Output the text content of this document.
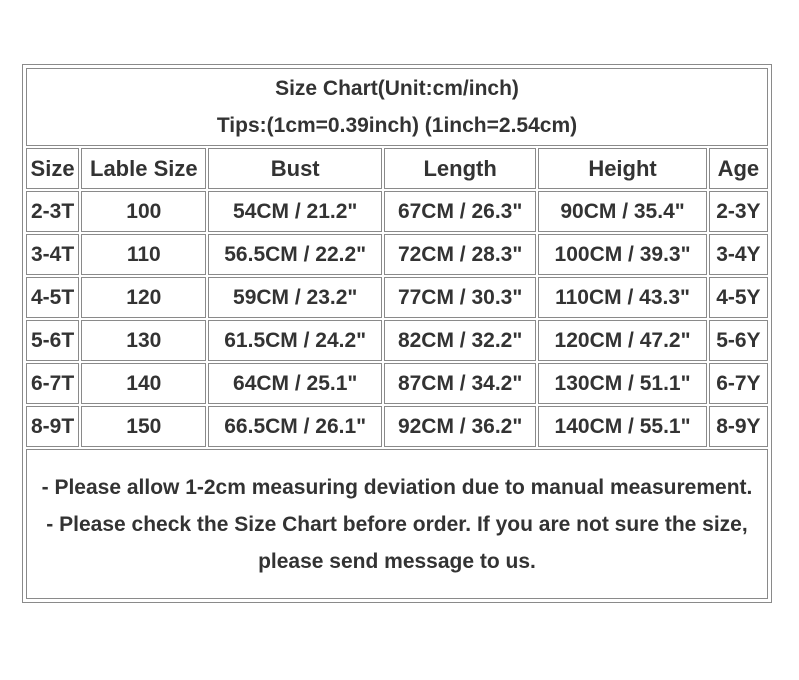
Size Chart(Unit:cm/inch)
Tips:(1cm=0.39inch) (1inch=2.54cm)					

Size	Lable Size	Bust	Length	Height	Age
2-3T	100	54CM / 21.2"	67CM / 26.3"	90CM / 35.4"	2-3Y
3-4T	110	56.5CM / 22.2"	72CM / 28.3"	100CM / 39.3"	3-4Y
4-5T	120	59CM / 23.2"	77CM / 30.3"	110CM / 43.3"	4-5Y
5-6T	130	61.5CM / 24.2"	82CM / 32.2"	120CM / 47.2"	5-6Y
6-7T	140	64CM / 25.1"	87CM / 34.2"	130CM / 51.1"	6-7Y
8-9T	150	66.5CM / 26.1"	92CM / 36.2"	140CM / 55.1"	8-9Y

- Please allow 1-2cm measuring deviation due to manual measurement.
- Please check the Size Chart before order. If you are not sure the size, please send message to us.					
